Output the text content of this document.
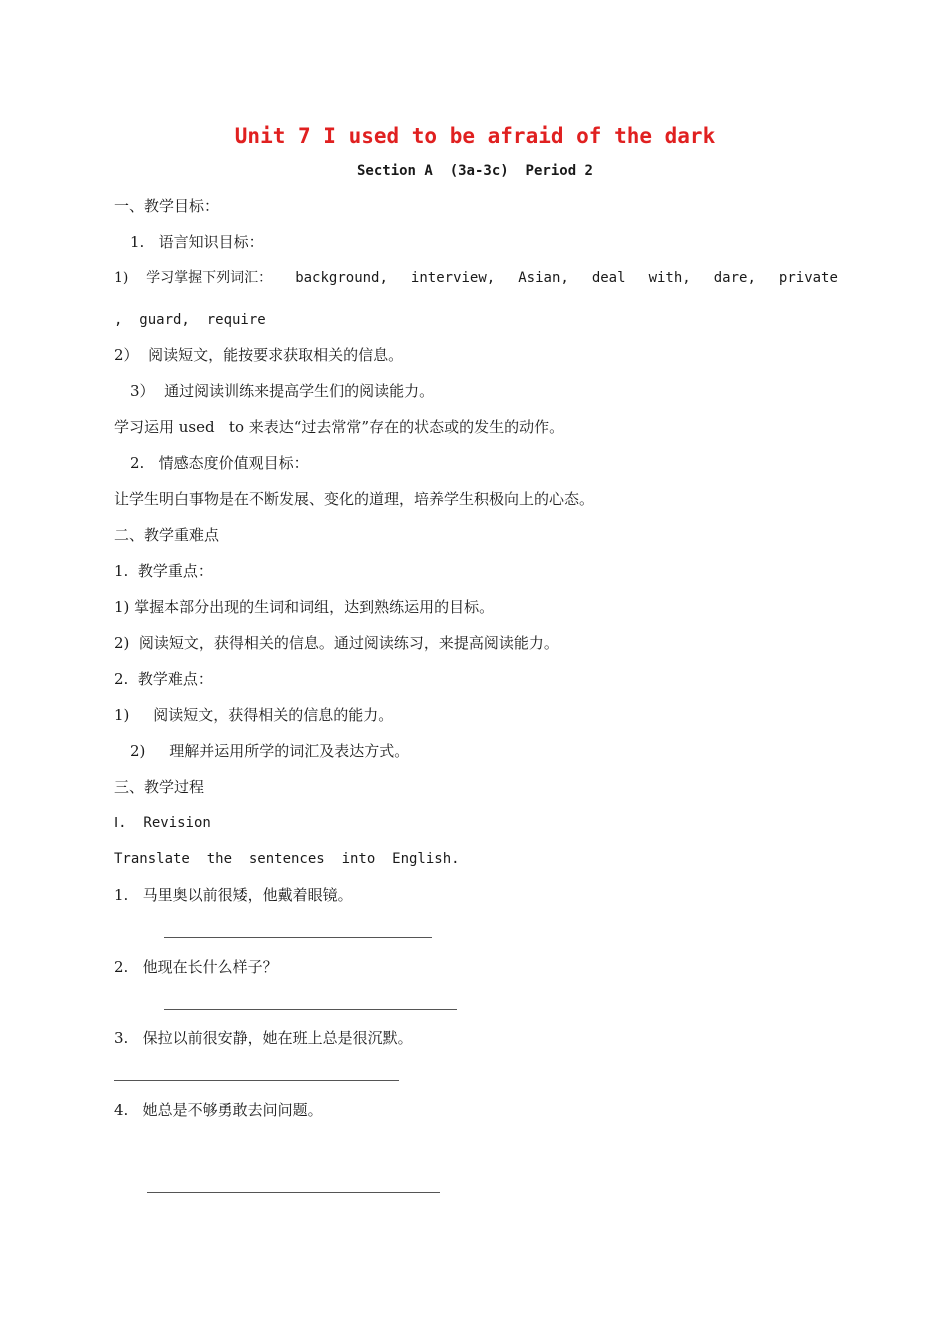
Unit 7 I used to be afraid of the dark
Section A  (3a-3c)  Period 2
一、教学目标：
1.   语言知识目标：
1)    学习掌握下列词汇： background, interview, Asian, deal with, dare, private
,  guard,  require
2）  阅读短文，能按要求获取相关的信息。
3）  通过阅读训练来提高学生们的阅读能力。
学习运用 used   to 来表达“过去常常”存在的状态或的发生的动作。
2.   情感态度价值观目标：
让学生明白事物是在不断发展、变化的道理，培养学生积极向上的心态。
二、教学重难点
1.  教学重点：
1) 掌握本部分出现的生词和词组，达到熟练运用的目标。
2)  阅读短文，获得相关的信息。通过阅读练习，来提高阅读能力。
2.  教学难点：
1)     阅读短文，获得相关的信息的能力。
2)     理解并运用所学的词汇及表达方式。
三、教学过程
Ⅰ.  Revision
Translate  the  sentences  into  English.
1.   马里奥以前很矮，他戴着眼镜。
2.   他现在长什么样子？
3.   保拉以前很安静，她在班上总是很沉默。
4.   她总是不够勇敢去问问题。
